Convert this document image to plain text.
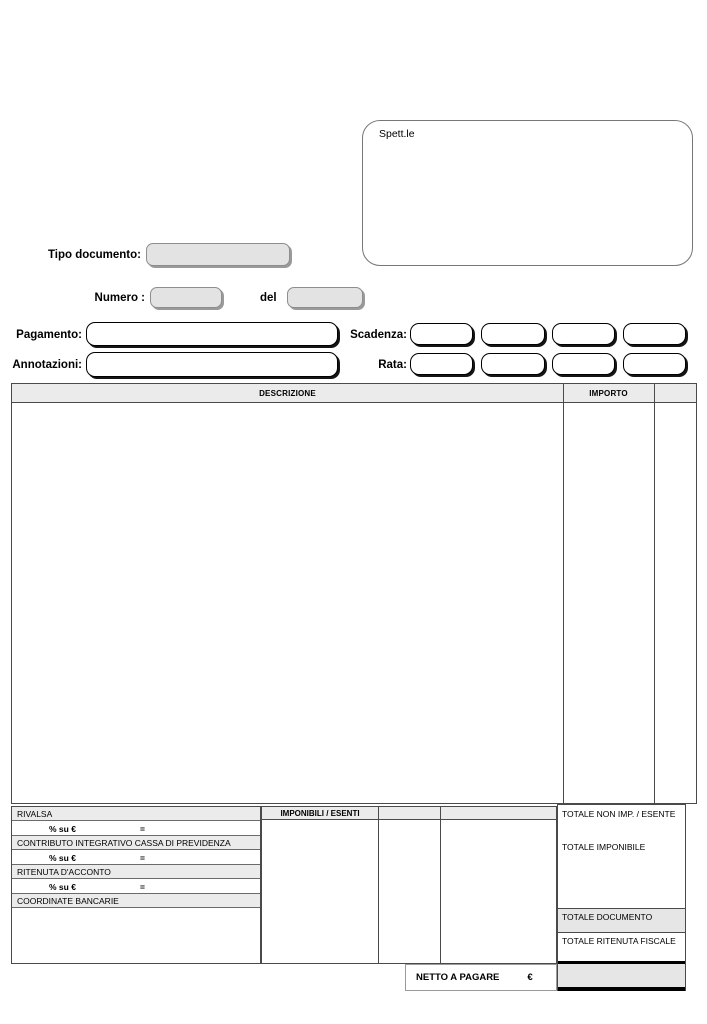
Spett.le
Tipo documento:
Numero :	del
Pagamento:	Scadenza:
Annotazioni:	Rata:
DESCRIZIONE	IMPORTO
RIVALSA
% su €	=
CONTRIBUTO INTEGRATIVO CASSA DI PREVIDENZA
% su €	=
RITENUTA D'ACCONTO
% su €	=
COORDINATE BANCARIE
IMPONIBILI / ESENTI	TOTALE NON IMP. / ESENTE
TOTALE IMPONIBILE
TOTALE DOCUMENTO
TOTALE RITENUTA FISCALE
NETTO A PAGARE	€
